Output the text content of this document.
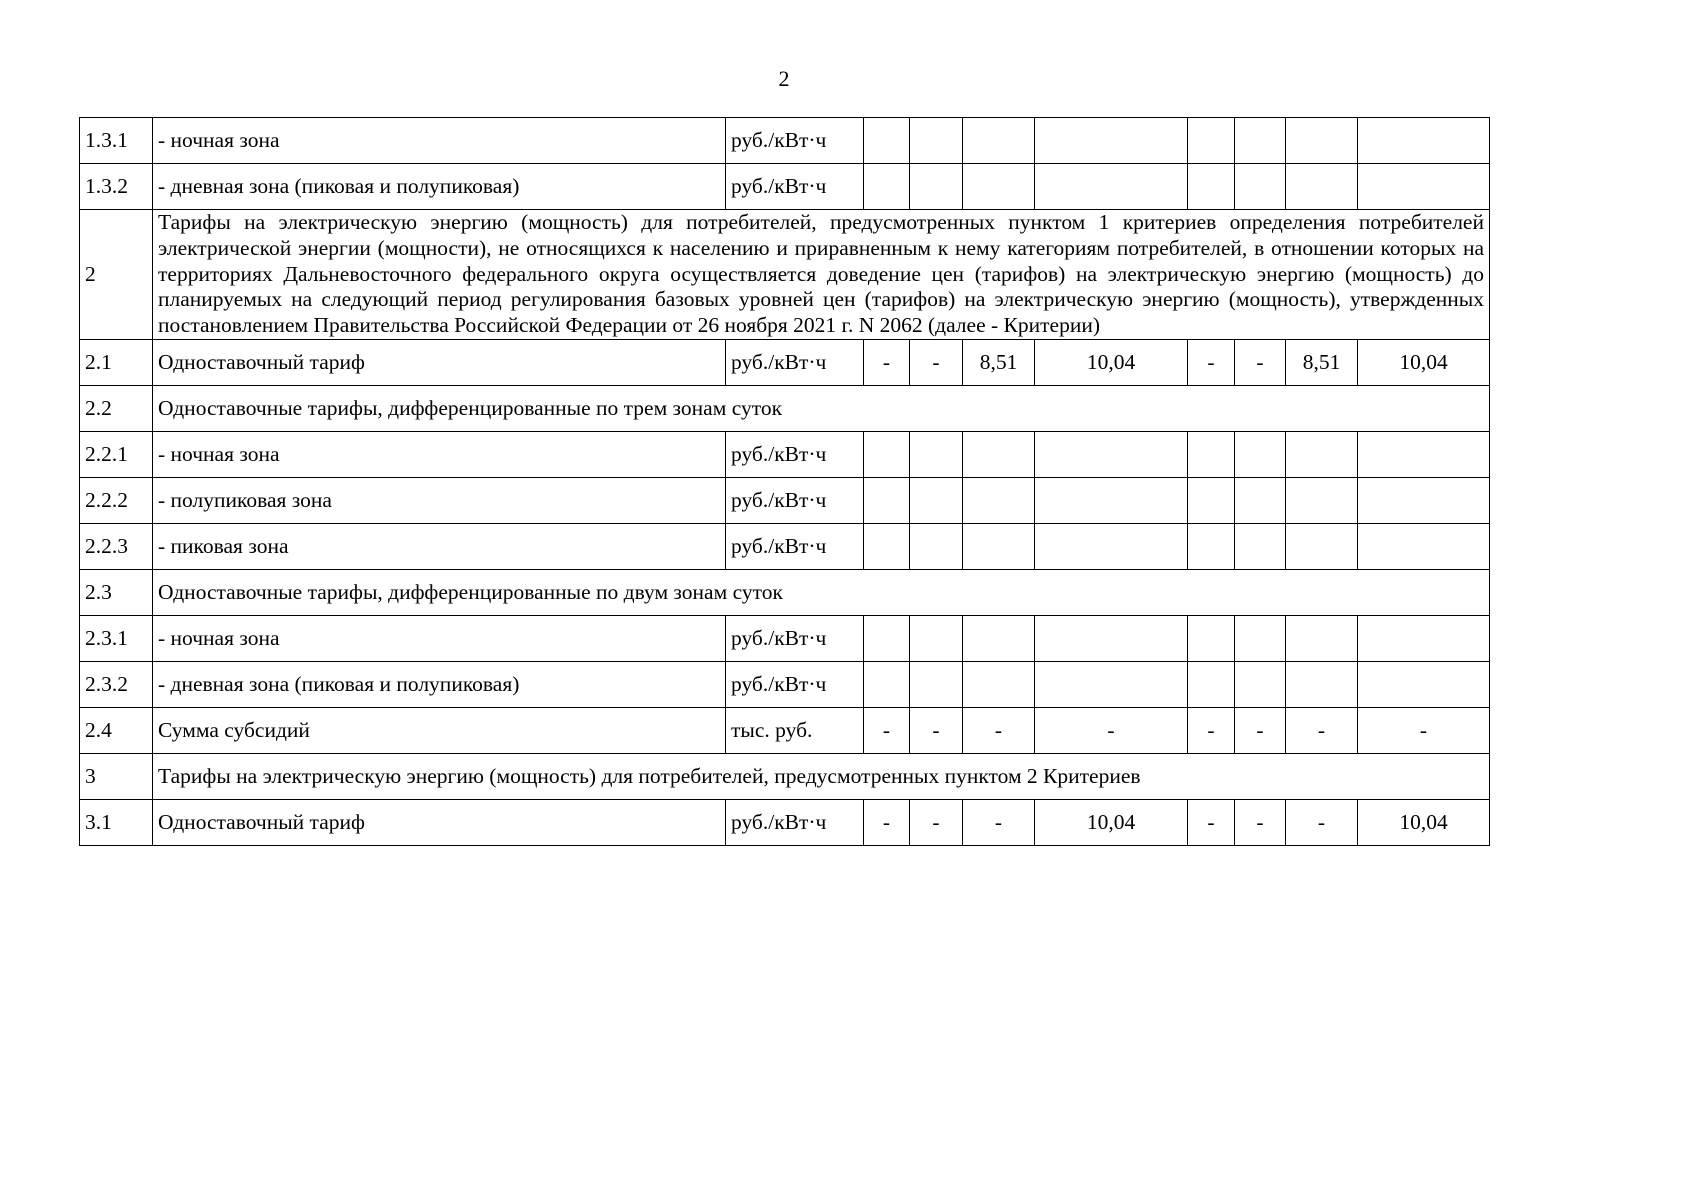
2
1.3.1	- ночная зона	руб./кВт·ч								
1.3.2	- дневная зона (пиковая и полупиковая)	руб./кВт·ч								
2	Тарифы на электрическую энергию (мощность) для потребителей, предусмотренных пунктом 1 критериев определения потребителей электрической энергии (мощности), не относящихся к населению и приравненным к нему категориям потребителей, в отношении которых на территориях Дальневосточного федерального округа осуществляется доведение цен (тарифов) на электрическую энергию (мощность) до планируемых на следующий период регулирования базовых уровней цен (тарифов) на электрическую энергию (мощность), утвержденных постановлением Правительства Российской Федерации от 26 ноября 2021 г. N 2062 (далее - Критерии)									
2.1	Одноставочный тариф	руб./кВт·ч	-	-	8,51	10,04	-	-	8,51	10,04
2.2	Одноставочные тарифы, дифференцированные по трем зонам суток									
2.2.1	- ночная зона	руб./кВт·ч								
2.2.2	- полупиковая зона	руб./кВт·ч								
2.2.3	- пиковая зона	руб./кВт·ч								
2.3	Одноставочные тарифы, дифференцированные по двум зонам суток									
2.3.1	- ночная зона	руб./кВт·ч								
2.3.2	- дневная зона (пиковая и полупиковая)	руб./кВт·ч								
2.4	Сумма субсидий	тыс. руб.	-	-	-	-	-	-	-	-
3	Тарифы на электрическую энергию (мощность) для потребителей, предусмотренных пунктом 2 Критериев									
3.1	Одноставочный тариф	руб./кВт·ч	-	-	-	10,04	-	-	-	10,04
